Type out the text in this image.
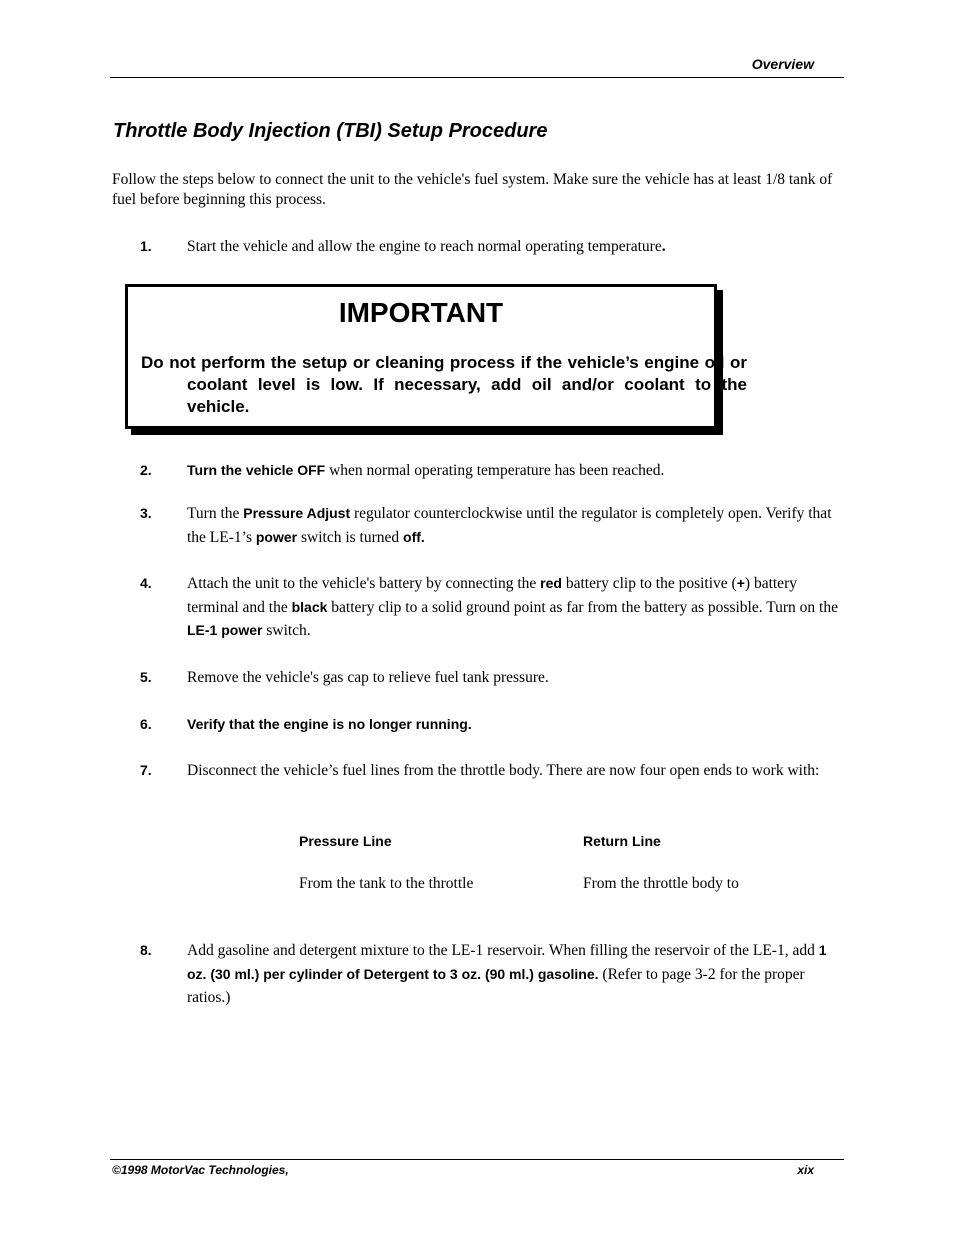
Overview
Throttle Body Injection (TBI) Setup Procedure
Follow the steps below to connect the unit to the vehicle's fuel system. Make sure the vehicle has at least 1/8 tank of fuel before beginning this process.
1. Start the vehicle and allow the engine to reach normal operating temperature.
IMPORTANT
Do not perform the setup or cleaning process if the vehicle’s engine oil or coolant level is low. If necessary, add oil and/or coolant to the vehicle.
2.	Turn the vehicle OFF when normal operating temperature has been reached.
3. Turn the Pressure Adjust regulator counterclockwise until the regulator is completely open. Verify that the LE-1’s power switch is turned off.
4. Attach the unit to the vehicle's battery by connecting the red battery clip to the positive (+) battery terminal and the black battery clip to a solid ground point as far from the battery as possible. Turn on the LE-1 power switch.
5. Remove the vehicle's gas cap to relieve fuel tank pressure.
6.	Verify that the engine is no longer running.
7. Disconnect the vehicle’s fuel lines from the throttle body. There are now four open ends to work with:
Pressure Line	Return Line
From the tank to the throttle	From the throttle body to
8. Add gasoline and detergent mixture to the LE-1 reservoir. When filling the reservoir of the LE-1, add 1 oz. (30 ml.) per cylinder of Detergent to 3 oz. (90 ml.) gasoline. (Refer to page 3-2 for the proper ratios.)
©1998 MotorVac Technologies,	xix
